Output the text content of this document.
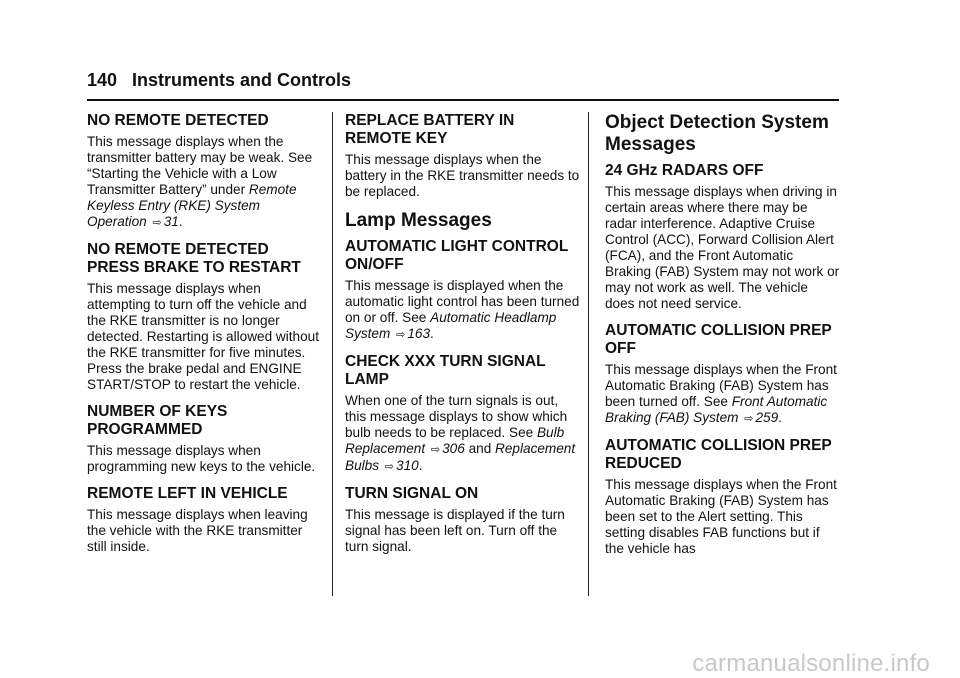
140 Instruments and Controls
NO REMOTE DETECTED

This message displays when the transmitter battery may be weak. See “Starting the Vehicle with a Low Transmitter Battery” under Remote Keyless Entry (RKE) System Operation ⇨ 31.

NO REMOTE DETECTED PRESS BRAKE TO RESTART

This message displays when attempting to turn off the vehicle and the RKE transmitter is no longer detected. Restarting is allowed without the RKE transmitter for five minutes. Press the brake pedal and ENGINE START/STOP to restart the vehicle.

NUMBER OF KEYS PROGRAMMED

This message displays when programming new keys to the vehicle.

REMOTE LEFT IN VEHICLE

This message displays when leaving the vehicle with the RKE transmitter still inside.

REPLACE BATTERY IN REMOTE KEY

This message displays when the battery in the RKE transmitter needs to be replaced.

Lamp Messages
AUTOMATIC LIGHT CONTROL ON/OFF

This message is displayed when the automatic light control has been turned on or off. See Automatic Headlamp System ⇨ 163.

CHECK XXX TURN SIGNAL LAMP

When one of the turn signals is out, this message displays to show which bulb needs to be replaced. See Bulb Replacement ⇨ 306 and Replacement Bulbs ⇨ 310.

TURN SIGNAL ON

This message is displayed if the turn signal has been left on. Turn off the turn signal.

Object Detection System Messages
24 GHz RADARS OFF

This message displays when driving in certain areas where there may be radar interference. Adaptive Cruise Control (ACC), Forward Collision Alert (FCA), and the Front Automatic Braking (FAB) System may not work or may not work as well. The vehicle does not need service.

AUTOMATIC COLLISION PREP OFF

This message displays when the Front Automatic Braking (FAB) System has been turned off. See Front Automatic Braking (FAB) System ⇨ 259.

AUTOMATIC COLLISION PREP REDUCED

This message displays when the Front Automatic Braking (FAB) System has been set to the Alert setting. This setting disables FAB functions but if the vehicle has

carmanualsonline.info
